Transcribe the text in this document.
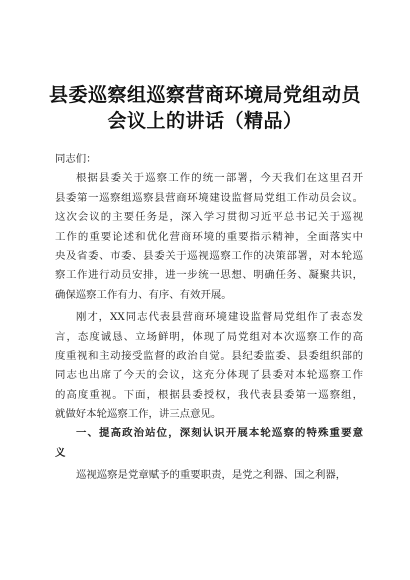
县委巡察组巡察营商环境局党组动员
会议上的讲话（精品）
同志们：
根据县委关于巡察工作的统一部署，今天我们在这里召开
县委第一巡察组巡察县营商环境建设监督局党组工作动员会议。
这次会议的主要任务是，深入学习贯彻习近平总书记关于巡视
工作的重要论述和优化营商环境的重要指示精神，全面落实中
央及省委、市委、县委关于巡视巡察工作的决策部署，对本轮巡
察工作进行动员安排，进一步统一思想、明确任务、凝聚共识，
确保巡察工作有力、有序、有效开展。
刚才，XX同志代表县营商环境建设监督局党组作了表态发
言，态度诚恳、立场鲜明，体现了局党组对本次巡察工作的高
度重视和主动接受监督的政治自觉。县纪委监委、县委组织部的
同志也出席了今天的会议，这充分体现了县委对本轮巡察工作
的高度重视。下面，根据县委授权，我代表县委第一巡察组，
就做好本轮巡察工作，讲三点意见。
一、提高政治站位，深刻认识开展本轮巡察的特殊重要意
义
巡视巡察是党章赋予的重要职责，是党之利器、国之利器，
